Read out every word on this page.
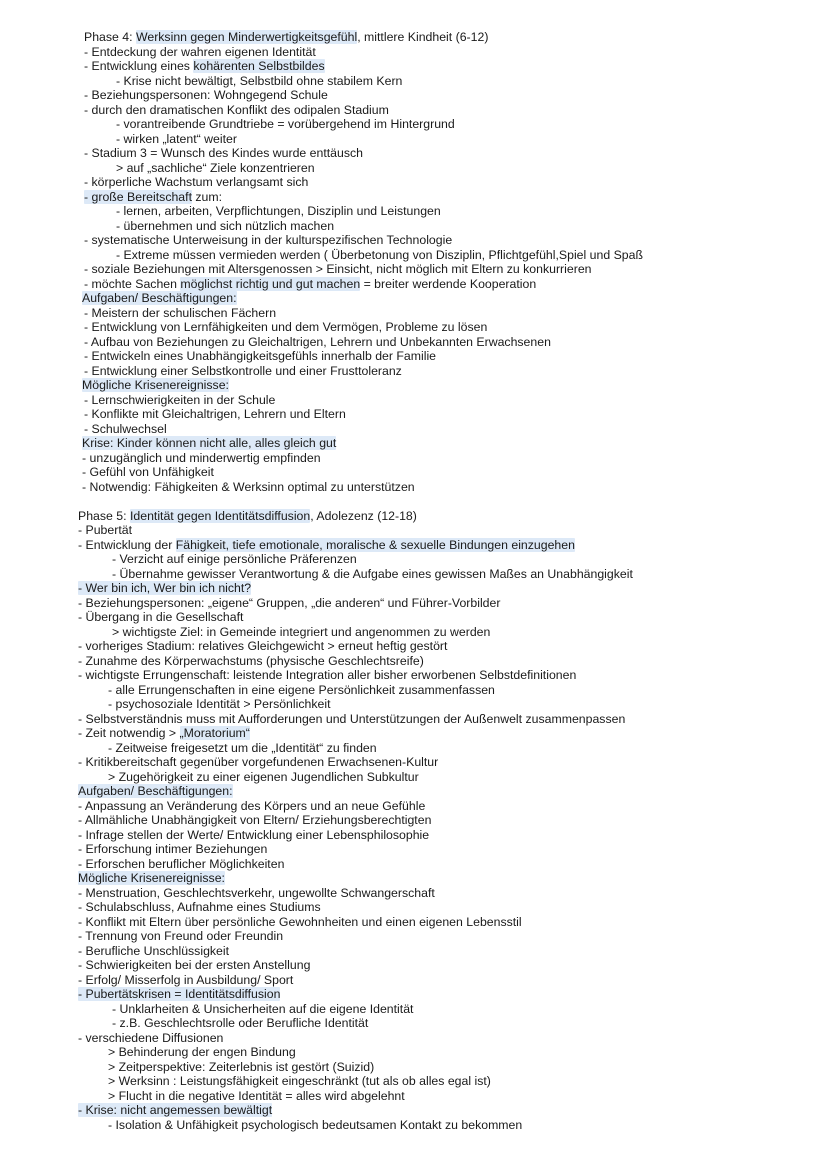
Phase 4: Werksinn gegen Minderwertigkeitsgefühl, mittlere Kindheit (6-12)
- Entdeckung der wahren eigenen Identität
- Entwicklung eines kohärenten Selbstbildes
- Krise nicht bewältigt, Selbstbild ohne stabilem Kern
- Beziehungspersonen: Wohngegend Schule
- durch den dramatischen Konflikt des odipalen Stadium
- vorantreibende Grundtriebe = vorübergehend im Hintergrund
- wirken „latent“ weiter
- Stadium 3 = Wunsch des Kindes wurde enttäusch
> auf „sachliche“ Ziele konzentrieren
- körperliche Wachstum verlangsamt sich
- große Bereitschaft zum:
- lernen, arbeiten, Verpflichtungen, Disziplin und Leistungen
- übernehmen und sich nützlich machen
- systematische Unterweisung in der kulturspezifischen Technologie
- Extreme müssen vermieden werden ( Überbetonung von Disziplin, Pflichtgefühl,Spiel und Spaß
- soziale Beziehungen mit Altersgenossen > Einsicht, nicht möglich mit Eltern zu konkurrieren
- möchte Sachen möglichst richtig und gut machen = breiter werdende Kooperation
Aufgaben/ Beschäftigungen:
- Meistern der schulischen Fächern
- Entwicklung von Lernfähigkeiten und dem Vermögen, Probleme zu lösen
- Aufbau von Beziehungen zu Gleichaltrigen, Lehrern und Unbekannten Erwachsenen
- Entwickeln eines Unabhängigkeitsgefühls innerhalb der Familie
- Entwicklung einer Selbstkontrolle und einer Frusttoleranz
Mögliche Krisenereignisse:
- Lernschwierigkeiten in der Schule
- Konflikte mit Gleichaltrigen, Lehrern und Eltern
- Schulwechsel
Krise: Kinder können nicht alle, alles gleich gut
- unzugänglich und minderwertig empfinden
- Gefühl von Unfähigkeit
- Notwendig: Fähigkeiten & Werksinn optimal zu unterstützen
Phase 5: Identität gegen Identitätsdiffusion, Adolezenz (12-18)
- Pubertät
- Entwicklung der Fähigkeit, tiefe emotionale, moralische & sexuelle Bindungen einzugehen
- Verzicht auf einige persönliche Präferenzen
- Übernahme gewisser Verantwortung & die Aufgabe eines gewissen Maßes an Unabhängigkeit
- Wer bin ich, Wer bin ich nicht?
- Beziehungspersonen: „eigene“ Gruppen, „die anderen“ und Führer-Vorbilder
- Übergang in die Gesellschaft
> wichtigste Ziel: in Gemeinde integriert und angenommen zu werden
- vorheriges Stadium: relatives Gleichgewicht > erneut heftig gestört
- Zunahme des Körperwachstums (physische Geschlechtsreife)
- wichtigste Errungenschaft: leistende Integration aller bisher erworbenen Selbstdefinitionen
- alle Errungenschaften in eine eigene Persönlichkeit zusammenfassen
- psychosoziale Identität > Persönlichkeit
- Selbstverständnis muss mit Aufforderungen und Unterstützungen der Außenwelt zusammenpassen
- Zeit notwendig > „Moratorium“
- Zeitweise freigesetzt um die „Identität“ zu finden
- Kritikbereitschaft gegenüber vorgefundenen Erwachsenen-Kultur
> Zugehörigkeit zu einer eigenen Jugendlichen Subkultur
Aufgaben/ Beschäftigungen:
- Anpassung an Veränderung des Körpers und an neue Gefühle
- Allmähliche Unabhängigkeit von Eltern/ Erziehungsberechtigten
- Infrage stellen der Werte/ Entwicklung einer Lebensphilosophie
- Erforschung intimer Beziehungen
- Erforschen beruflicher Möglichkeiten
Mögliche Krisenereignisse:
- Menstruation, Geschlechtsverkehr, ungewollte Schwangerschaft
- Schulabschluss, Aufnahme eines Studiums
- Konflikt mit Eltern über persönliche Gewohnheiten und einen eigenen Lebensstil
- Trennung von Freund oder Freundin
- Berufliche Unschlüssigkeit
- Schwierigkeiten bei der ersten Anstellung
- Erfolg/ Misserfolg in Ausbildung/ Sport
- Pubertätskrisen = Identitätsdiffusion
- Unklarheiten & Unsicherheiten auf die eigene Identität
- z.B. Geschlechtsrolle oder Berufliche Identität
- verschiedene Diffusionen
> Behinderung der engen Bindung
> Zeitperspektive: Zeiterlebnis ist gestört (Suizid)
> Werksinn : Leistungsfähigkeit eingeschränkt (tut als ob alles egal ist)
> Flucht in die negative Identität = alles wird abgelehnt
- Krise: nicht angemessen bewältigt
- Isolation & Unfähigkeit psychologisch bedeutsamen Kontakt zu bekommen
